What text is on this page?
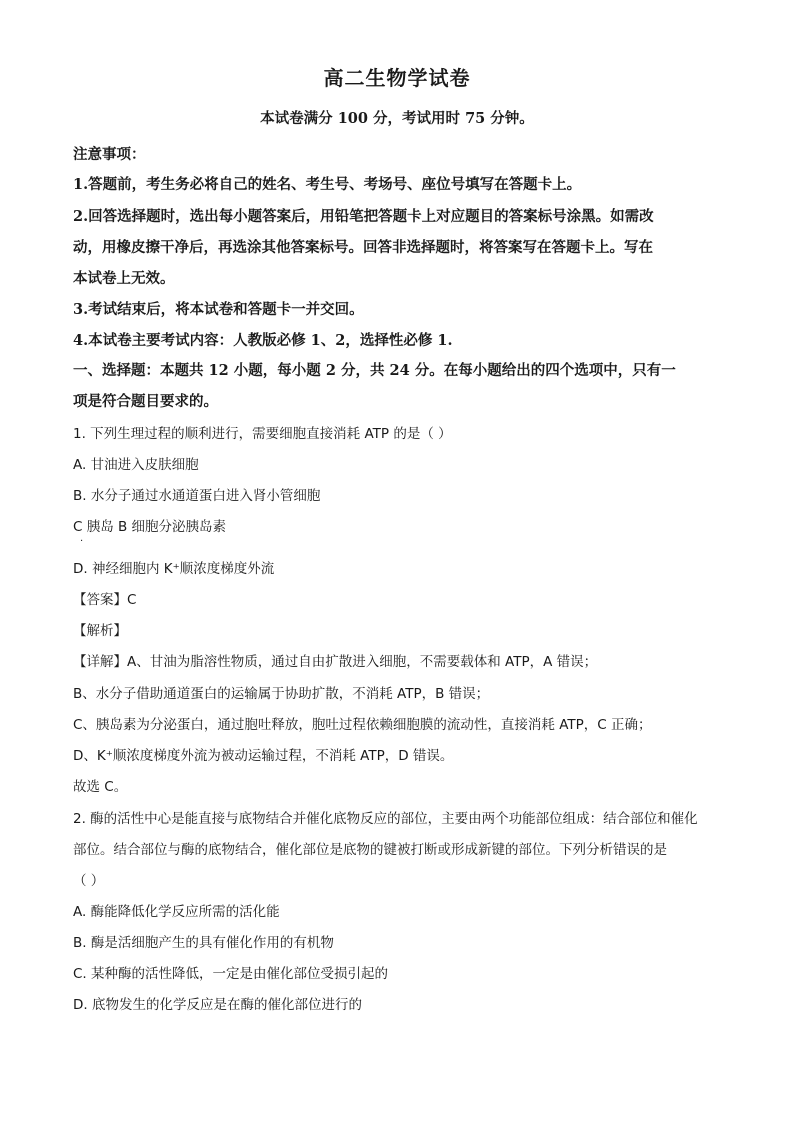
高二生物学试卷
本试卷满分 100 分，考试用时 75 分钟。
注意事项：
1.答题前，考生务必将自己的姓名、考生号、考场号、座位号填写在答题卡上。
2.回答选择题时，选出每小题答案后，用铅笔把答题卡上对应题目的答案标号涂黑。如需改
动，用橡皮擦干净后，再选涂其他答案标号。回答非选择题时，将答案写在答题卡上。写在
本试卷上无效。
3.考试结束后，将本试卷和答题卡一并交回。
4.本试卷主要考试内容：人教版必修 1、2，选择性必修 1.
一、选择题：本题共 12 小题，每小题 2 分，共 24 分。在每小题给出的四个选项中，只有一
项是符合题目要求的。
1. 下列生理过程的顺利进行，需要细胞直接消耗 ATP 的是（ ）
A. 甘油进入皮肤细胞
B. 水分子通过水通道蛋白进入肾小管细胞
C 胰岛 B 细胞分泌胰岛素
·
D. 神经细胞内 K⁺顺浓度梯度外流
【答案】C
【解析】
【详解】A、甘油为脂溶性物质，通过自由扩散进入细胞，不需要载体和 ATP，A 错误；
B、水分子借助通道蛋白的运输属于协助扩散，不消耗 ATP，B 错误；
C、胰岛素为分泌蛋白，通过胞吐释放，胞吐过程依赖细胞膜的流动性，直接消耗 ATP，C 正确；
D、K⁺顺浓度梯度外流为被动运输过程，不消耗 ATP，D 错误。
故选 C。
2. 酶的活性中心是能直接与底物结合并催化底物反应的部位，主要由两个功能部位组成：结合部位和催化
部位。结合部位与酶的底物结合，催化部位是底物的键被打断或形成新键的部位。下列分析错误的是
（ ）
A. 酶能降低化学反应所需的活化能
B. 酶是活细胞产生的具有催化作用的有机物
C. 某种酶的活性降低，一定是由催化部位受损引起的
D. 底物发生的化学反应是在酶的催化部位进行的
